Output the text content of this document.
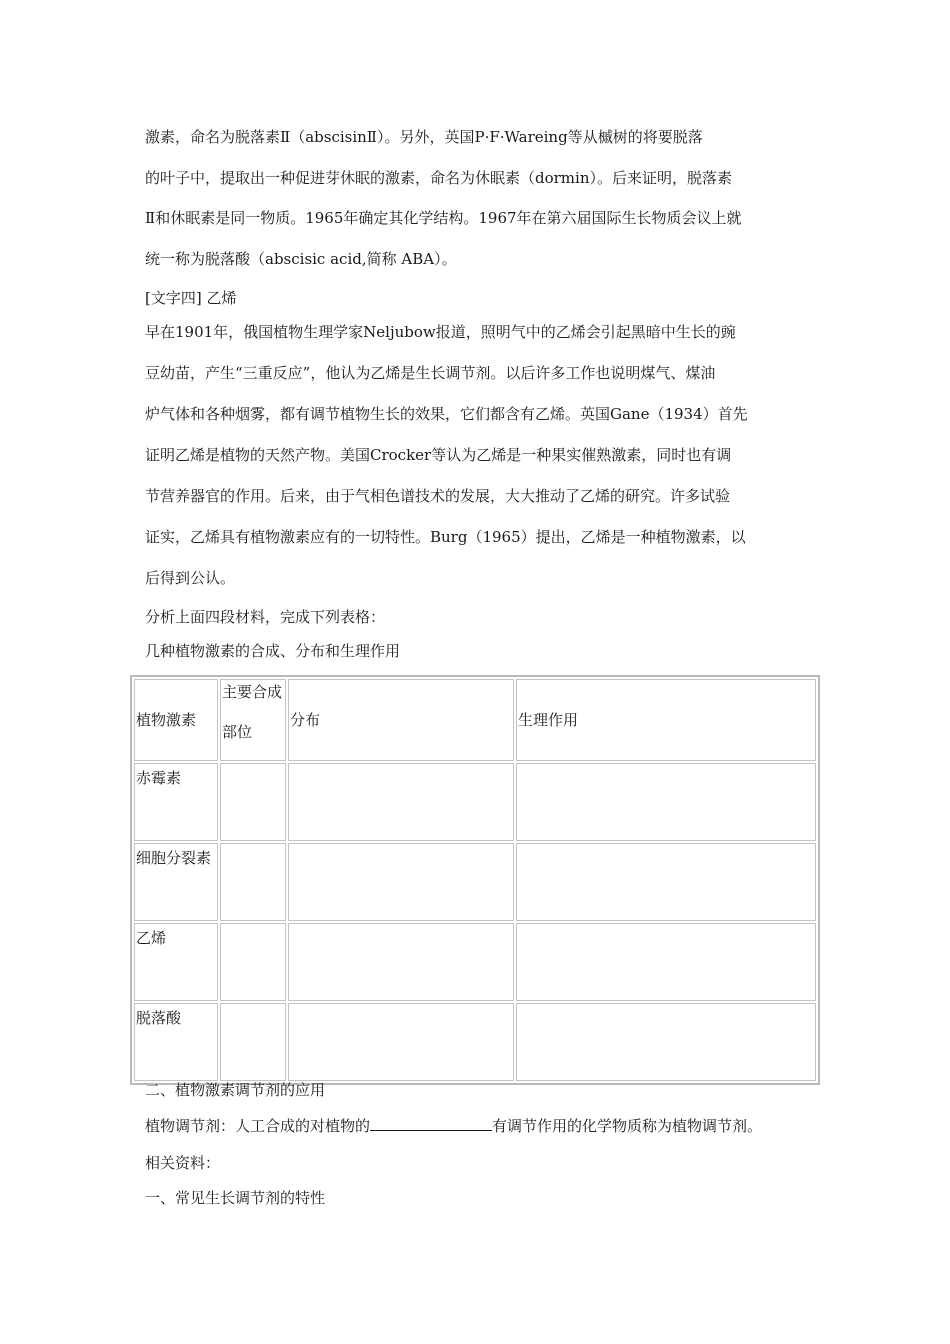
激素，命名为脱落素Ⅱ（abscisinⅡ）。另外，英国P·F·Wareing等从槭树的将要脱落
的叶子中，提取出一种促进芽休眠的激素，命名为休眠素（dormin）。后来证明，脱落素
Ⅱ和休眠素是同一物质。1965年确定其化学结构。1967年在第六届国际生长物质会议上就
统一称为脱落酸（abscisic acid,简称 ABA）。
[文字四] 乙烯
早在1901年，俄国植物生理学家Neljubow报道，照明气中的乙烯会引起黑暗中生长的豌
豆幼苗，产生“三重反应”，他认为乙烯是生长调节剂。以后许多工作也说明煤气、煤油
炉气体和各种烟雾，都有调节植物生长的效果，它们都含有乙烯。英国Gane（1934）首先
证明乙烯是植物的天然产物。美国Crocker等认为乙烯是一种果实催熟激素，同时也有调
节营养器官的作用。后来，由于气相色谱技术的发展，大大推动了乙烯的研究。许多试验
证实，乙烯具有植物激素应有的一切特性。Burg（1965）提出，乙烯是一种植物激素，以
后得到公认。
分析上面四段材料，完成下列表格：
几种植物激素的合成、分布和生理作用
植物激素	主要合成
部位	分布	生理作用
赤霉素			
细胞分裂素			
乙烯			
脱落酸			
二、植物激素调节剂的应用
植物调节剂：人工合成的对植物的	有调节作用的化学物质称为植物调节剂。
相关资料：
一、常见生长调节剂的特性
